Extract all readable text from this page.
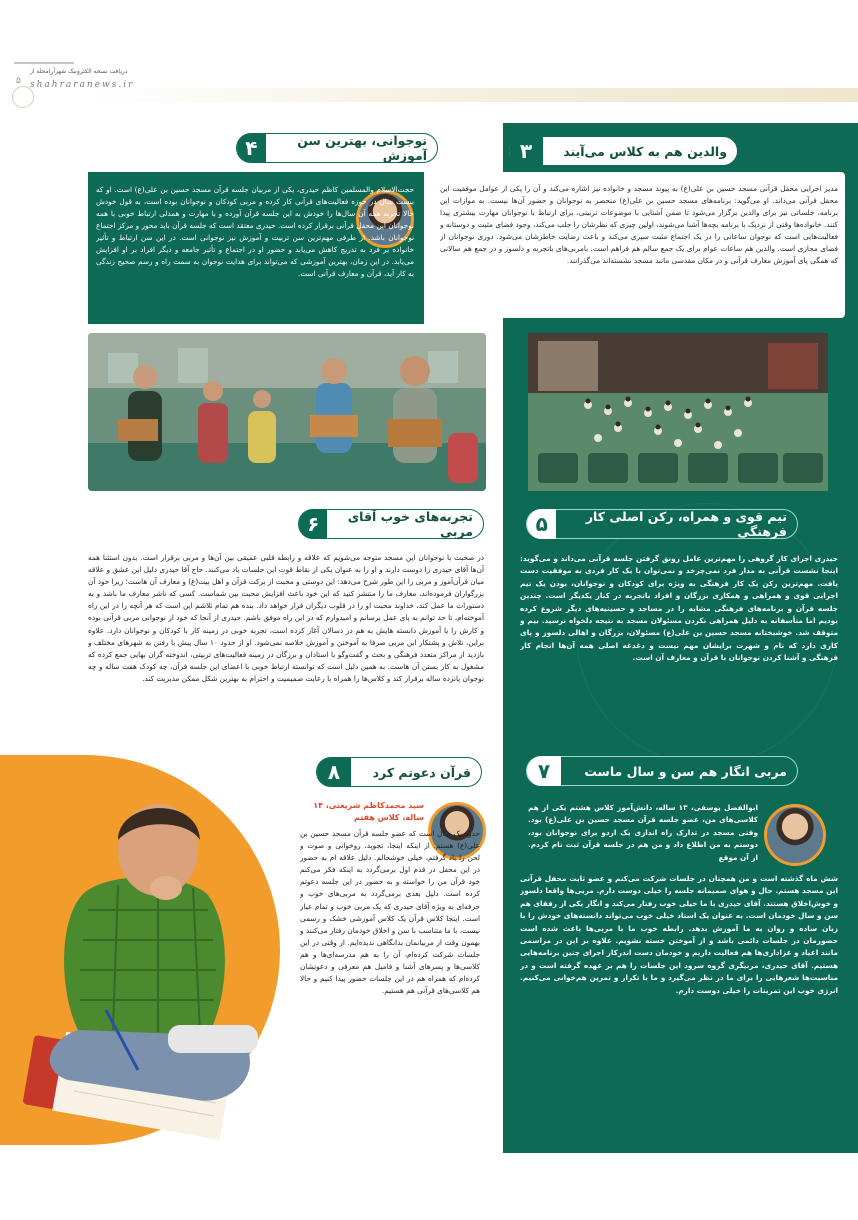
دریافت نسخه الکترونیک شهرآرامحله از
shahraranews.ir
۵
والدین هم به کلاس می‌آیند
۳
مدیر اجرایی محفل قرآنی مسجد حسین بن علی(ع) به پیوند مسجد و خانواده نیز اشاره می‌کند و آن را یکی از عوامل موفقیت این محفل قرآنی می‌داند. او می‌گوید: برنامه‌های مسجد حسین بن علی(ع) منحصر به نوجوانان و حضور آن‌ها نیست. به موازات این برنامه، جلساتی نیز برای والدین برگزار می‌شود تا ضمن آشنایی با موضوعات تربیتی، برای ارتباط با نوجوانان مهارت بیشتری پیدا کنند. خانواده‌ها وقتی از نزدیک با برنامه بچه‌ها آشنا می‌شوند، اولین چیزی که نظرشان را جلب می‌کند، وجود فضای مثبت و دوستانه و فعالیت‌هایی است که نوجوان ساعاتی را در یک اجتماع مثبت سپری می‌کند و باعث رضایت خاطرشان می‌شود. دوری نوجوانان از فضای مجازی است. والدین هم ساعات عوام برای یک جمع سالم هم فراهم است. بامربی‌های باتجربه و دلسوز و در جمع هم سالانی که همگی پای آموزش معارف قرآنی و در مکان مقدسی مانند مسجد نشسته‌اند می‌گذرانند.
نوجوانی، بهترین سن آموزش
۴
حجت‌الاسلام والمسلمین کاظم حیدری، یکی از مربیان جلسه قرآن مسجد حسین بن علی(ع) است. او که بیست سال در حوزه فعالیت‌های قرآنی کار کرده و مربی کودکان و نوجوانان بوده است، به قول خودش حالا تجربه همه آن سال‌ها را خودش به این جلسه قرآن آورده و با مهارت و همدلی ارتباط خوبی با همه نوجوانان این محفل قرآنی برقرار کرده است. حیدری معتقد است که جلسه قرآن باید محور و مرکز اجتماع نوجوانان باشد. از طرفی مهم‌ترین سن تربیت و آموزش نیز نوجوانی است. در این سن ارتباط و تأثیر خانواده بر فرد به تدریج کاهش می‌یابد و حضور او در اجتماع و تأثیر جامعه و دیگر افراد بر او افزایش می‌یابد. در این زمان، بهترین آموزشی که می‌تواند برای هدایت نوجوان به سمت راه و رسم صحیح زندگی به کار آید، قرآن و معارف قرآنی است.
تیم قوی و همراه، رکن اصلی کار فرهنگی
۵
حیدری اجرای کار گروهی را مهم‌ترین عامل رونق گرفتن جلسه قرآنی می‌داند و می‌گوید: اینجا نشست قرآنی به مدار فرد نمی‌چرخد و نمی‌توان با یک کار فردی به موفقیت دست یافت. مهم‌ترین رکن یک کار فرهنگی به ویژه برای کودکان و نوجوانان، بودن یک تیم اجرایی قوی و همراهی و همکاری بزرگان و افراد باتجربه در کنار یکدیگر است. چندین جلسه قرآن و برنامه‌های فرهنگی مشابه را در مساجد و حسینیه‌های دیگر شروع کرده بودیم اما متأسفانه به دلیل همراهی نکردن مسئولان مسجد به نتیجه دلخواه نرسید. بیم و متوقف شد. خوشبختانه مسجد حسین بن علی(ع) مسئولان، بزرگان و اهالی دلسوز و پای کاری دارد که نام و شهرت برایشان مهم نیست و دغدغه اصلی همه آن‌ها انجام کار فرهنگی و آشنا کردن نوجوانان با قرآن و معارف آن است.
تجربه‌های خوب آقای مربی
۶
در صحبت با نوجوانان این مسجد متوجه می‌شویم که علاقه و رابطه قلبی عمیقی بین آن‌ها و مربی برقرار است. بدون استثنا همه آن‌ها آقای حیدری را دوست دارند و او را به عنوان یکی از نقاط قوت این جلسات یاد می‌کنند. حاج آقا حیدری دلیل این عشق و علاقه میان قرآن‌آموز و مربی را این طور شرح می‌دهد: این دوستی و محبت از برکت قرآن و اهل بیت(ع) و معارف آن هاست؛ زیرا خود آن بزرگواران فرموده‌اند، معارف ما را منتشر کنید که این خود باعث افزایش محبت بین شماست. کسی که ناشر معارف ما باشد و به دستورات ما عمل کند، خداوند محبت او را در قلوب دیگران قرار خواهد داد. بنده هم تمام تلاشم این است که هر آنچه را در این راه آموخته‌ام، تا حد توانم به پای عمل برسانم و امیدوارم که در این راه موفق باشم. حیدری از آنجا که خود از نوجوانی مربی قرآنی بوده و کارش را با آموزش دانسته هایش به هم در دسالان آغاز کرده است، تجربه خوبی در زمینه کار با کودکان و نوجوانان دارد. علاوه براین، تلاش و پشتکار این مربی صرفا به آموختن و آموزش خلاصه نمی‌شود. او از حدود ۱۰ سال پیش با رفتن به شهرهای مختلف و بازدید از مراکز متعدد فرهنگی و بحث و گفت‌وگو با استادان و برزگان در زمینه فعالیت‌های تربیتی، اندوخته گران بهایی جمع کرده که مشغول به کار بستن آن هاست. به همین دلیل است که توانسته ارتباط خوبی با اعضای این جلسه قرآن، چه کودک هفت ساله و چه نوجوان پانزده ساله برقرار کند و کلاس‌ها را همراه با رعایت صمیمیت و احترام به بهترین شکل ممکن مدیریت کند.
مربی انگار هم سن و سال ماست
۷
ابوالفضل یوسفی، ۱۳ ساله، دانش‌آموز کلاس هشتم یکی از هم کلاسی‌های من، عضو جلسه قرآن مسجد حسین بن علی(ع) بود. وقتی مسجد در تدارک راه اندازی یک اردو برای نوجوانان بود، دوستم به من اطلاع داد و من هم در جلسه قرآن ثبت نام کردم. از آن موقع
شش ماه گذشته است و من همچنان در جلسات شرکت می‌کنم و عضو ثابت محفل قرآنی این مسجد هستم. حال و هوای صمیمانه جلسه را خیلی دوست دارم. مربی‌ها واقعا دلسوز و خوش‌اخلاق هستند. آقای حیدری با ما خیلی خوب رفتار می‌کند و انگار یکی از رفقای هم سن و سال خودمان است. به عنوان یک استاد خیلی خوب می‌تواند دانسته‌های خودش را با زبان ساده و روان به ما آموزش بدهد. رابطه خوب ما با مربی‌ها باعث شده است حضورمان در جلسات دائمی باشد و از آموختن خسته نشویم. علاوه بر این در مراسمی مانند اعیاد و عزاداری‌ها هم فعالیت داریم و خودمان دست اندرکار اجرای چنین برنامه‌هایی هستیم. آقای حیدری، مربیگری گروه سرود این جلسات را هم بر عهده گرفته است و در مناسبت‌ها شعرهایی را برای ما در نظر می‌گیرد و ما با تکرار و تمرین هم‌خوانی می‌کنیم. انرژی خوب این تمرینات را خیلی دوست دارم.
قرآن دعوتم کرد
۸
سید محمدکاظم شریعتی، ۱۴ ساله، کلاس هفتم
حدود یک سال است که عضو جلسه قرآن مسجد حسین بن علی(ع) هستم. از اینکه اینجا، تجوید، روخوانی و صوت و لحن را یاد گرفتم، خیلی خوشحالم. دلیل علاقه ام به حضور در این محفل در قدم اول برمی‌گردد به اینکه فکر می‌کنم خود قرآن من را خواسته و به حضور در این جلسه دعوتم کرده است. دلیل بعدی برمی‌گردد به مربی‌های خوب و حرفه‌ای به ویژه آقای حیدری که یک مربی خوب و تمام عیار است. اینجا کلاس قرآن یک کلاس آموزشی خشک و رسمی نیست، با ما متناسب با سن و اخلاق خودمان رفتار می‌کنند و بهمون وقت از مربیانمان بدانگاهی ندیده‌ایم. از وقتی در این جلسات شرکت کرده‌ام، آن را به هم مدرسه‌ای‌ها و هم کلاسی‌ها و پسرهای آشنا و فامیل هم معرفی و دعوتشان کرده‌ام که همراه هم در این جلسات حضور پیدا کنیم و حالا هم کلاسی‌های قرآنی هم هستیم.
